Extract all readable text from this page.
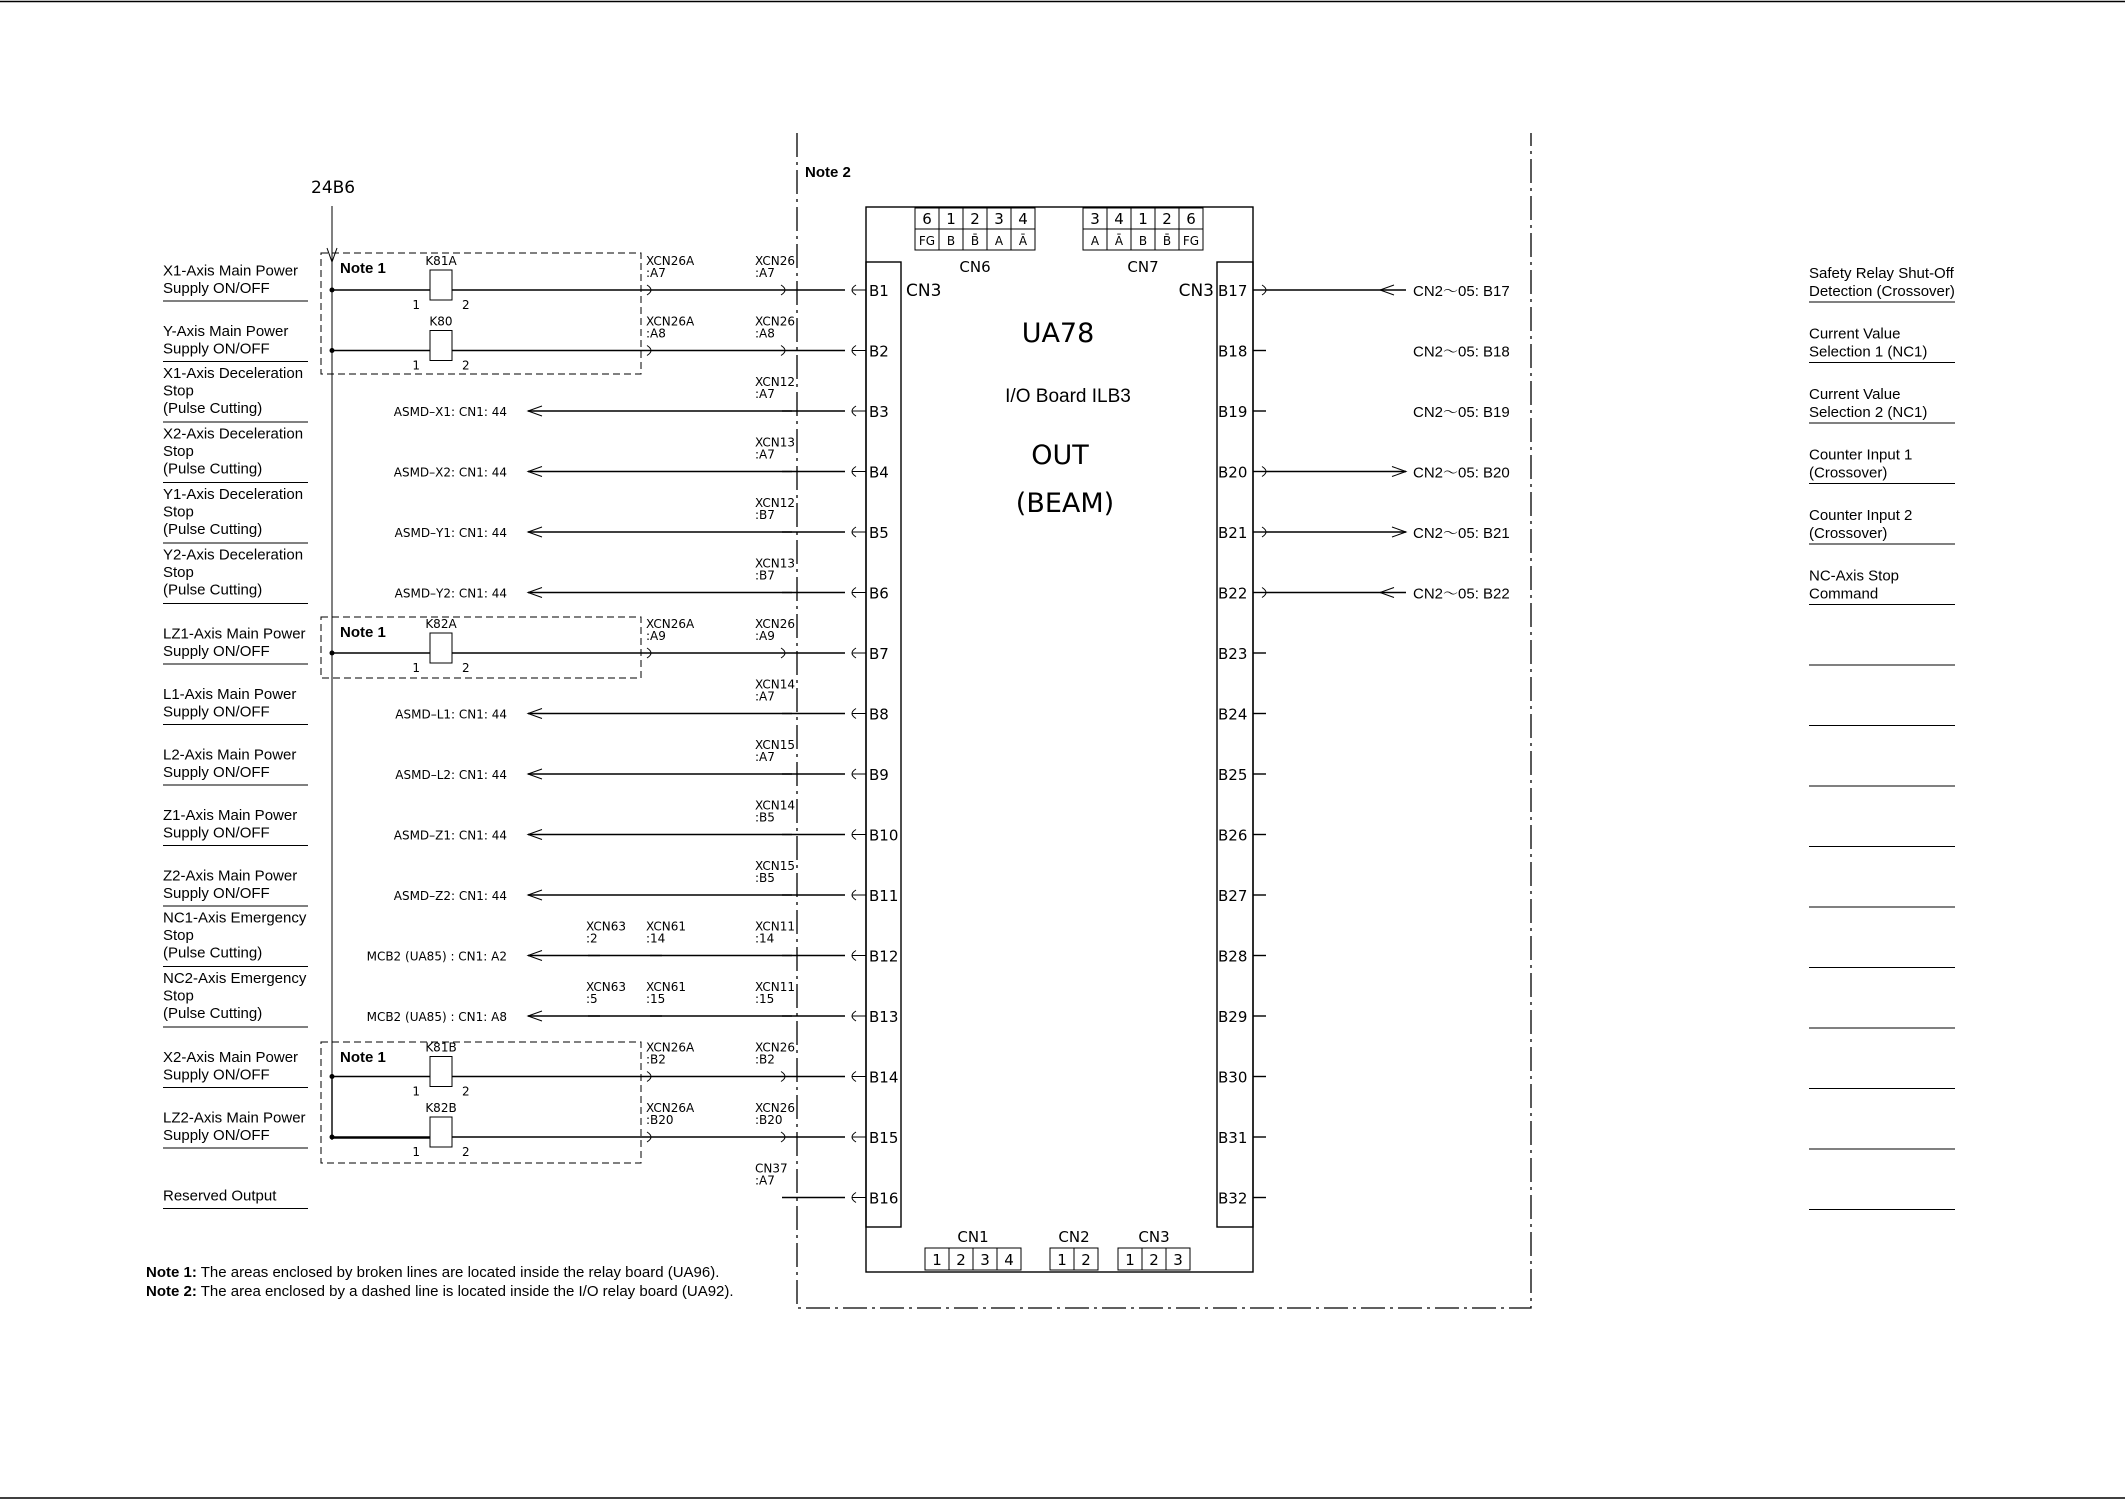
24B6
Note 2
UA78
I/O Board ILB3
OUT
(BEAM)
CN3	CN3
X1-Axis Main Power
Supply ON/OFF
Y-Axis Main Power
Supply ON/OFF
X1-Axis Deceleration
Stop
(Pulse Cutting)
X2-Axis Deceleration
Stop
(Pulse Cutting)
Y1-Axis Deceleration
Stop
(Pulse Cutting)
Y2-Axis Deceleration
Stop
(Pulse Cutting)
LZ1-Axis Main Power
Supply ON/OFF
L1-Axis Main Power
Supply ON/OFF
L2-Axis Main Power
Supply ON/OFF
Z1-Axis Main Power
Supply ON/OFF
Z2-Axis Main Power
Supply ON/OFF
NC1-Axis Emergency
Stop
(Pulse Cutting)
NC2-Axis Emergency
Stop
(Pulse Cutting)
X2-Axis Main Power
Supply ON/OFF
LZ2-Axis Main Power
Supply ON/OFF
Reserved Output
XCN26
:A7
XCN26A
:A7
K81A
1	2
XCN26
:A8
XCN26A
:A8
K80
1	2
XCN12
:A7
ASMD–X1: CN1: 44
XCN13
:A7
ASMD–X2: CN1: 44
XCN12
:B7
ASMD–Y1: CN1: 44
XCN13
:B7
ASMD–Y2: CN1: 44
XCN26
:A9
XCN26A
:A9
K82A
1	2
XCN14
:A7
ASMD–L1: CN1: 44
XCN15
:A7
ASMD–L2: CN1: 44
XCN14
:B5
ASMD–Z1: CN1: 44
XCN15
:B5
ASMD–Z2: CN1: 44
XCN11
:14
MCB2 (UA85) : CN1: A2
XCN63
:2
XCN61
:14
XCN11
:15
MCB2 (UA85) : CN1: A8
XCN63
:5
XCN61
:15
XCN26
:B2
XCN26A
:B2
K81B
1	2
XCN26
:B20
XCN26A
:B20
K82B
1	2
CN37
:A7
Note 1
Note 1
Note 1
CN2～05: B17
CN2～05: B18
CN2～05: B19
CN2～05: B20
CN2～05: B21
CN2～05: B22
Safety Relay Shut-Off
Detection (Crossover)
Current Value
Selection 1 (NC1)
Current Value
Selection 2 (NC1)
Counter Input 1
(Crossover)
Counter Input 2
(Crossover)
NC-Axis Stop
Command
B1
B2
B3
B4
B5
B6
B7
B8
B9
B10
B11
B12
B13
B14
B15
B16
B17
B18
B19
B20
B21
B22
B23
B24
B25
B26
B27
B28
B29
B30
B31
B32
6
FG
1
B
2
B̄
3
A
4
Ā
CN6
3
A
4
Ā
1
B
2
B̄
6
FG
CN7
1 2 3 4
CN1
1 2
CN2
1 2 3
CN3
Note 1: The areas enclosed by broken lines are located inside the relay board (UA96).
Note 2: The area enclosed by a dashed line is located inside the I/O relay board (UA92).
